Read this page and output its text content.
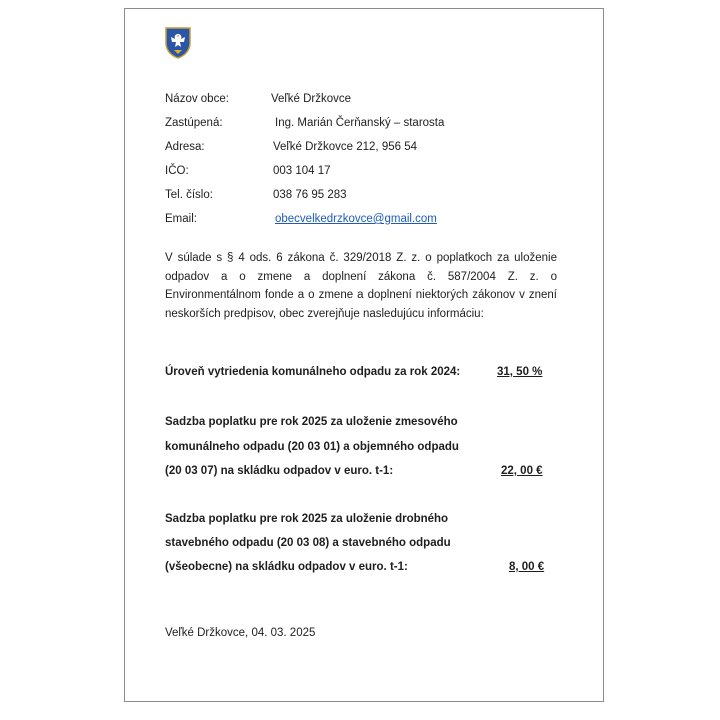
Názov obce:	Veľké Držkovce
Zastúpená:	Ing. Marián Čerňanský – starosta
Adresa:	Veľké Držkovce 212, 956 54
IČO:	003 104 17
Tel. číslo:	038 76 95 283
Email:	obecvelkedrzkovce@gmail.com
V súlade s § 4 ods. 6 zákona č. 329/2018 Z. z. o poplatkoch za uloženie odpadov a o zmene a doplnení zákona č. 587/2004 Z. z. o Environmentálnom fonde a o zmene a doplnení niektorých zákonov v znení neskorších predpisov, obec zverejňuje nasledujúcu informáciu:
Úroveň vytriedenia komunálneho odpadu za rok 2024:	31, 50 %
Sadzba poplatku pre rok 2025 za uloženie zmesového
komunálneho odpadu (20 03 01) a objemného odpadu
(20 03 07) na skládku odpadov v euro. t-1:	22, 00 €
Sadzba poplatku pre rok 2025 za uloženie drobného
stavebného odpadu (20 03 08) a stavebného odpadu
(všeobecne) na skládku odpadov v euro. t-1:	8, 00 €
Veľké Držkovce, 04. 03. 2025
